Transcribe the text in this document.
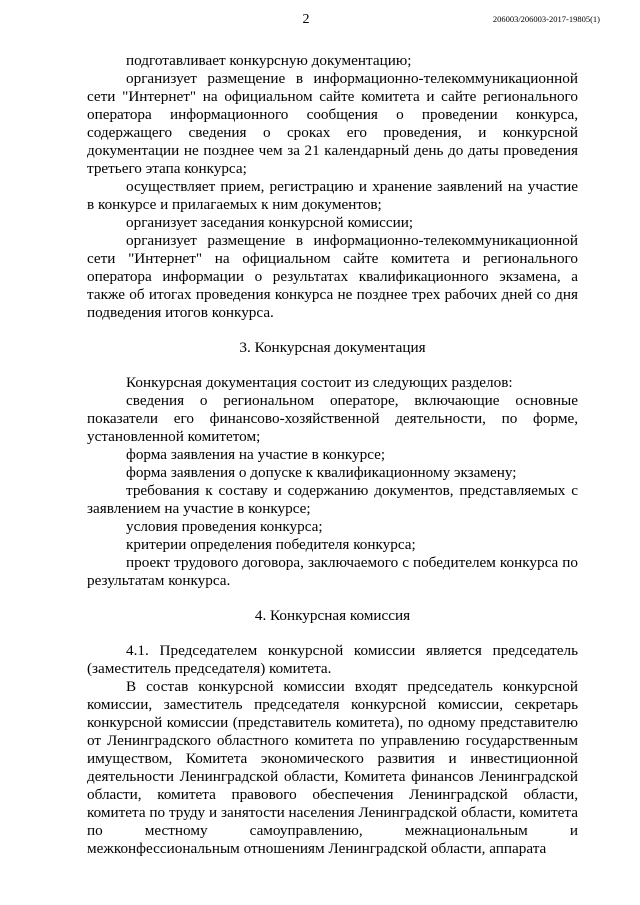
2	206003/206003-2017-19805(1)

подготавливает конкурсную документацию;

организует размещение в информационно-телекоммуникационной сети "Интернет" на официальном сайте комитета и сайте регионального оператора информационного сообщения о проведении конкурса, содержащего сведения о сроках его проведения, и конкурсной документации не позднее чем за 21 календарный день до даты проведения третьего этапа конкурса;

осуществляет прием, регистрацию и хранение заявлений на участие в конкурсе и прилагаемых к ним документов;

организует заседания конкурсной комиссии;

организует размещение в информационно-телекоммуникационной сети "Интернет" на официальном сайте комитета и регионального оператора информации о результатах квалификационного экзамена, а также об итогах проведения конкурса не позднее трех рабочих дней со дня подведения итогов конкурса.

3. Конкурсная документация

Конкурсная документация состоит из следующих разделов:

сведения о региональном операторе, включающие основные показатели его финансово-хозяйственной деятельности, по форме, установленной комитетом;

форма заявления на участие в конкурсе;

форма заявления о допуске к квалификационному экзамену;

требования к составу и содержанию документов, представляемых с заявлением на участие в конкурсе;

условия проведения конкурса;

критерии определения победителя конкурса;

проект трудового договора, заключаемого с победителем конкурса по результатам конкурса.

4. Конкурсная комиссия

4.1. Председателем конкурсной комиссии является председатель (заместитель председателя) комитета.

В состав конкурсной комиссии входят председатель конкурсной комиссии, заместитель председателя конкурсной комиссии, секретарь конкурсной комиссии (представитель комитета), по одному представителю от Ленинградского областного комитета по управлению государственным имуществом, Комитета экономического развития и инвестиционной деятельности Ленинградской области, Комитета финансов Ленинградской области, комитета правового обеспечения Ленинградской области, комитета по труду и занятости населения Ленинградской области, комитета по местному самоуправлению, межнациональным и межконфессиональным отношениям Ленинградской области, аппарата
